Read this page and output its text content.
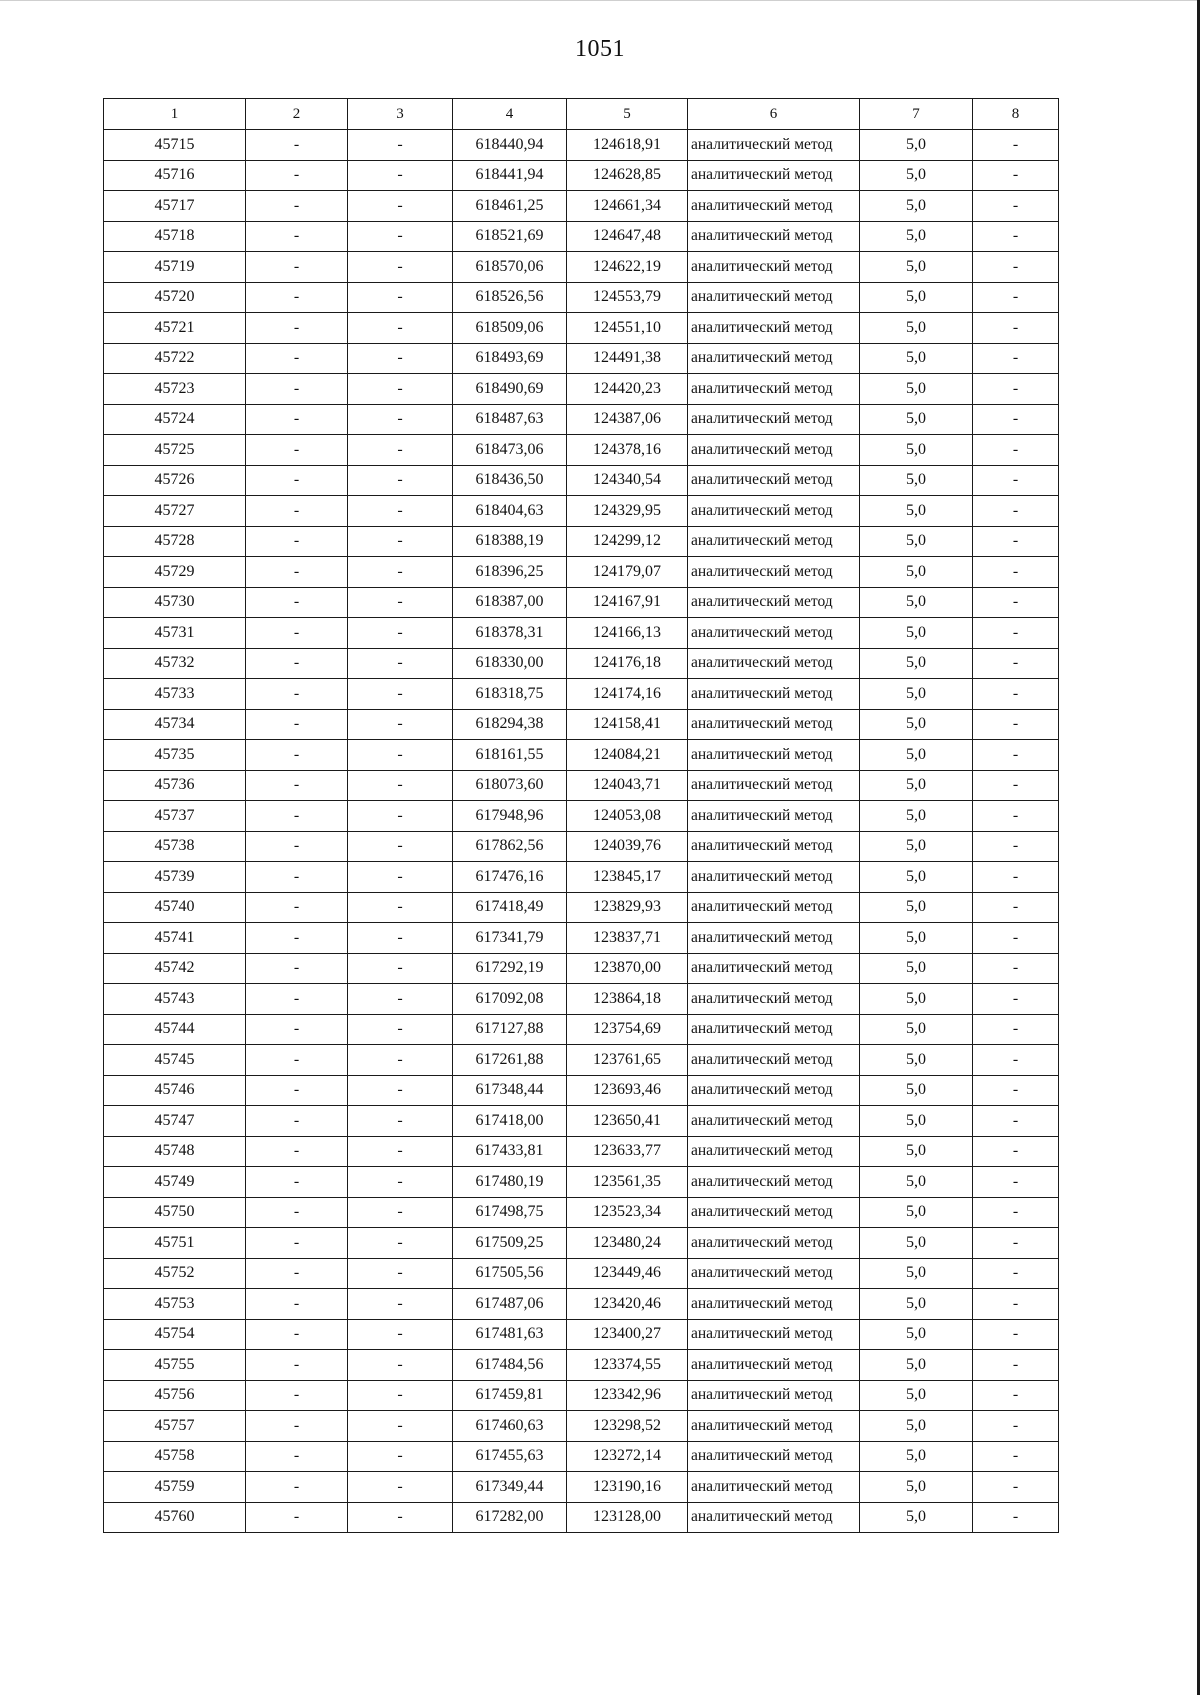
1051
1	2	3	4	5	6	7	8
45715	-	-	618440,94	124618,91	аналитический метод	5,0	-
45716	-	-	618441,94	124628,85	аналитический метод	5,0	-
45717	-	-	618461,25	124661,34	аналитический метод	5,0	-
45718	-	-	618521,69	124647,48	аналитический метод	5,0	-
45719	-	-	618570,06	124622,19	аналитический метод	5,0	-
45720	-	-	618526,56	124553,79	аналитический метод	5,0	-
45721	-	-	618509,06	124551,10	аналитический метод	5,0	-
45722	-	-	618493,69	124491,38	аналитический метод	5,0	-
45723	-	-	618490,69	124420,23	аналитический метод	5,0	-
45724	-	-	618487,63	124387,06	аналитический метод	5,0	-
45725	-	-	618473,06	124378,16	аналитический метод	5,0	-
45726	-	-	618436,50	124340,54	аналитический метод	5,0	-
45727	-	-	618404,63	124329,95	аналитический метод	5,0	-
45728	-	-	618388,19	124299,12	аналитический метод	5,0	-
45729	-	-	618396,25	124179,07	аналитический метод	5,0	-
45730	-	-	618387,00	124167,91	аналитический метод	5,0	-
45731	-	-	618378,31	124166,13	аналитический метод	5,0	-
45732	-	-	618330,00	124176,18	аналитический метод	5,0	-
45733	-	-	618318,75	124174,16	аналитический метод	5,0	-
45734	-	-	618294,38	124158,41	аналитический метод	5,0	-
45735	-	-	618161,55	124084,21	аналитический метод	5,0	-
45736	-	-	618073,60	124043,71	аналитический метод	5,0	-
45737	-	-	617948,96	124053,08	аналитический метод	5,0	-
45738	-	-	617862,56	124039,76	аналитический метод	5,0	-
45739	-	-	617476,16	123845,17	аналитический метод	5,0	-
45740	-	-	617418,49	123829,93	аналитический метод	5,0	-
45741	-	-	617341,79	123837,71	аналитический метод	5,0	-
45742	-	-	617292,19	123870,00	аналитический метод	5,0	-
45743	-	-	617092,08	123864,18	аналитический метод	5,0	-
45744	-	-	617127,88	123754,69	аналитический метод	5,0	-
45745	-	-	617261,88	123761,65	аналитический метод	5,0	-
45746	-	-	617348,44	123693,46	аналитический метод	5,0	-
45747	-	-	617418,00	123650,41	аналитический метод	5,0	-
45748	-	-	617433,81	123633,77	аналитический метод	5,0	-
45749	-	-	617480,19	123561,35	аналитический метод	5,0	-
45750	-	-	617498,75	123523,34	аналитический метод	5,0	-
45751	-	-	617509,25	123480,24	аналитический метод	5,0	-
45752	-	-	617505,56	123449,46	аналитический метод	5,0	-
45753	-	-	617487,06	123420,46	аналитический метод	5,0	-
45754	-	-	617481,63	123400,27	аналитический метод	5,0	-
45755	-	-	617484,56	123374,55	аналитический метод	5,0	-
45756	-	-	617459,81	123342,96	аналитический метод	5,0	-
45757	-	-	617460,63	123298,52	аналитический метод	5,0	-
45758	-	-	617455,63	123272,14	аналитический метод	5,0	-
45759	-	-	617349,44	123190,16	аналитический метод	5,0	-
45760	-	-	617282,00	123128,00	аналитический метод	5,0	-
